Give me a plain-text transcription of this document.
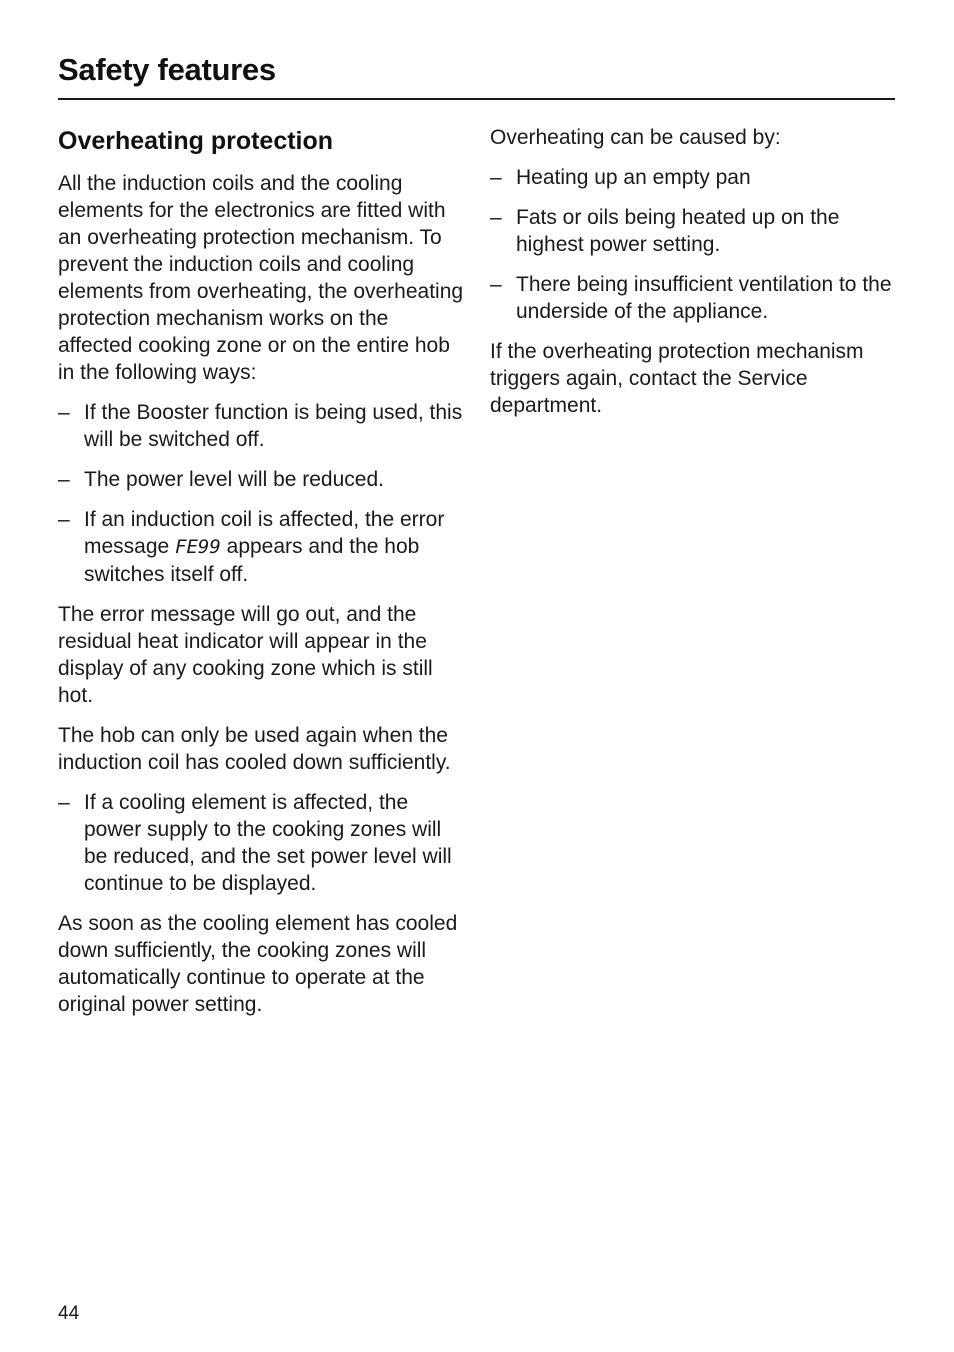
Safety features
Overheating protection

All the induction coils and the cooling elements for the electronics are fitted with an overheating protection mechanism. To prevent the induction coils and cooling elements from overheating, the overheating protection mechanism works on the affected cooking zone or on the entire hob in the following ways:

– If the Booster function is being used, this will be switched off.
– The power level will be reduced.
– If an induction coil is affected, the error message FE99 appears and the hob switches itself off.

The error message will go out, and the residual heat indicator will appear in the display of any cooking zone which is still hot.

The hob can only be used again when the induction coil has cooled down sufficiently.

– If a cooling element is affected, the power supply to the cooking zones will be reduced, and the set power level will continue to be displayed.

As soon as the cooling element has cooled down sufficiently, the cooking zones will automatically continue to operate at the original power setting.

Overheating can be caused by:

– Heating up an empty pan
– Fats or oils being heated up on the highest power setting.
– There being insufficient ventilation to the underside of the appliance.

If the overheating protection mechanism triggers again, contact the Service department.

44
